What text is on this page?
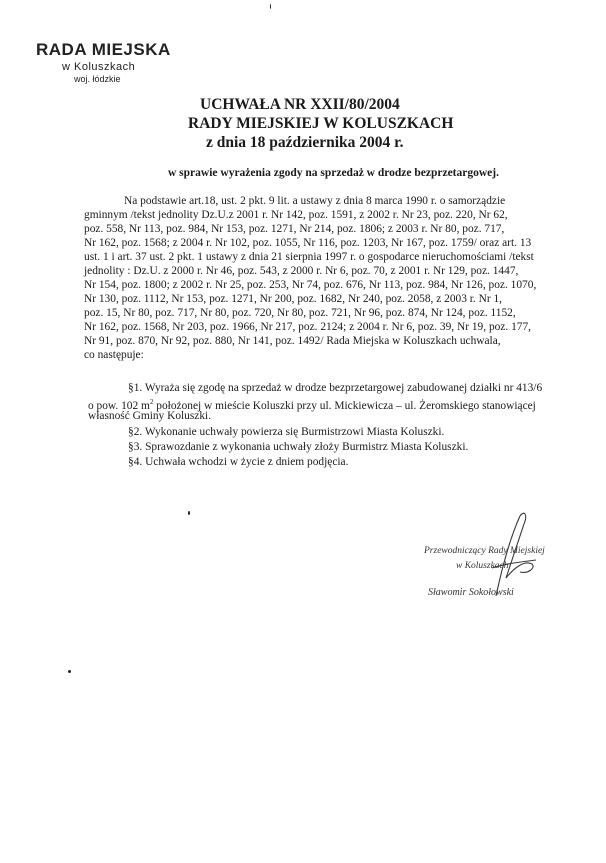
RADA MIEJSKA
w Koluszkach
woj. łódzkie
UCHWAŁA NR XXII/80/2004
RADY MIEJSKIEJ W KOLUSZKACH
z dnia 18 października 2004 r.
w sprawie wyrażenia zgody na sprzedaż w drodze bezprzetargowej.
Na podstawie art.18, ust. 2 pkt. 9 lit. a ustawy z dnia 8 marca 1990 r. o samorządzie
gminnym /tekst jednolity Dz.U.z 2001 r. Nr 142, poz. 1591, z 2002 r. Nr 23, poz. 220, Nr 62,
poz. 558, Nr 113, poz. 984, Nr 153, poz. 1271, Nr 214, poz. 1806; z 2003 r. Nr 80, poz. 717,
Nr 162, poz. 1568; z 2004 r. Nr 102, poz. 1055, Nr 116, poz. 1203, Nr 167, poz. 1759/ oraz art. 13
ust. 1 i art. 37 ust. 2 pkt. 1 ustawy z dnia 21 sierpnia 1997 r. o gospodarce nieruchomościami /tekst
jednolity : Dz.U. z 2000 r. Nr 46, poz. 543, z 2000 r. Nr 6, poz. 70, z 2001 r. Nr 129, poz. 1447,
Nr 154, poz. 1800; z 2002 r. Nr 25, poz. 253, Nr 74, poz. 676, Nr 113, poz. 984, Nr 126, poz. 1070,
Nr 130, poz. 1112, Nr 153, poz. 1271, Nr 200, poz. 1682, Nr 240, poz. 2058, z 2003 r. Nr 1,
poz. 15, Nr 80, poz. 717, Nr 80, poz. 720, Nr 80, poz. 721, Nr 96, poz. 874, Nr 124, poz. 1152,
Nr 162, poz. 1568, Nr 203, poz. 1966, Nr 217, poz. 2124; z 2004 r. Nr 6, poz. 39, Nr 19, poz. 177,
Nr 91, poz. 870, Nr 92, poz. 880, Nr 141, poz. 1492/ Rada Miejska w Koluszkach uchwala,
co następuje:
§1. Wyraża się zgodę na sprzedaż w drodze bezprzetargowej zabudowanej działki nr 413/6
o pow. 102 $m^2$ położonej w mieście Koluszki przy ul. Mickiewicza – ul. Żeromskiego stanowiącej
własność Gminy Koluszki.
§2. Wykonanie uchwały powierza się Burmistrzowi Miasta Koluszki.
§3. Sprawozdanie z wykonania uchwały złoży Burmistrz Miasta Koluszki.
§4. Uchwała wchodzi w życie z dniem podjęcia.
Przewodniczący Rady Miejskiej
w Koluszkach
Sławomir Sokołowski
